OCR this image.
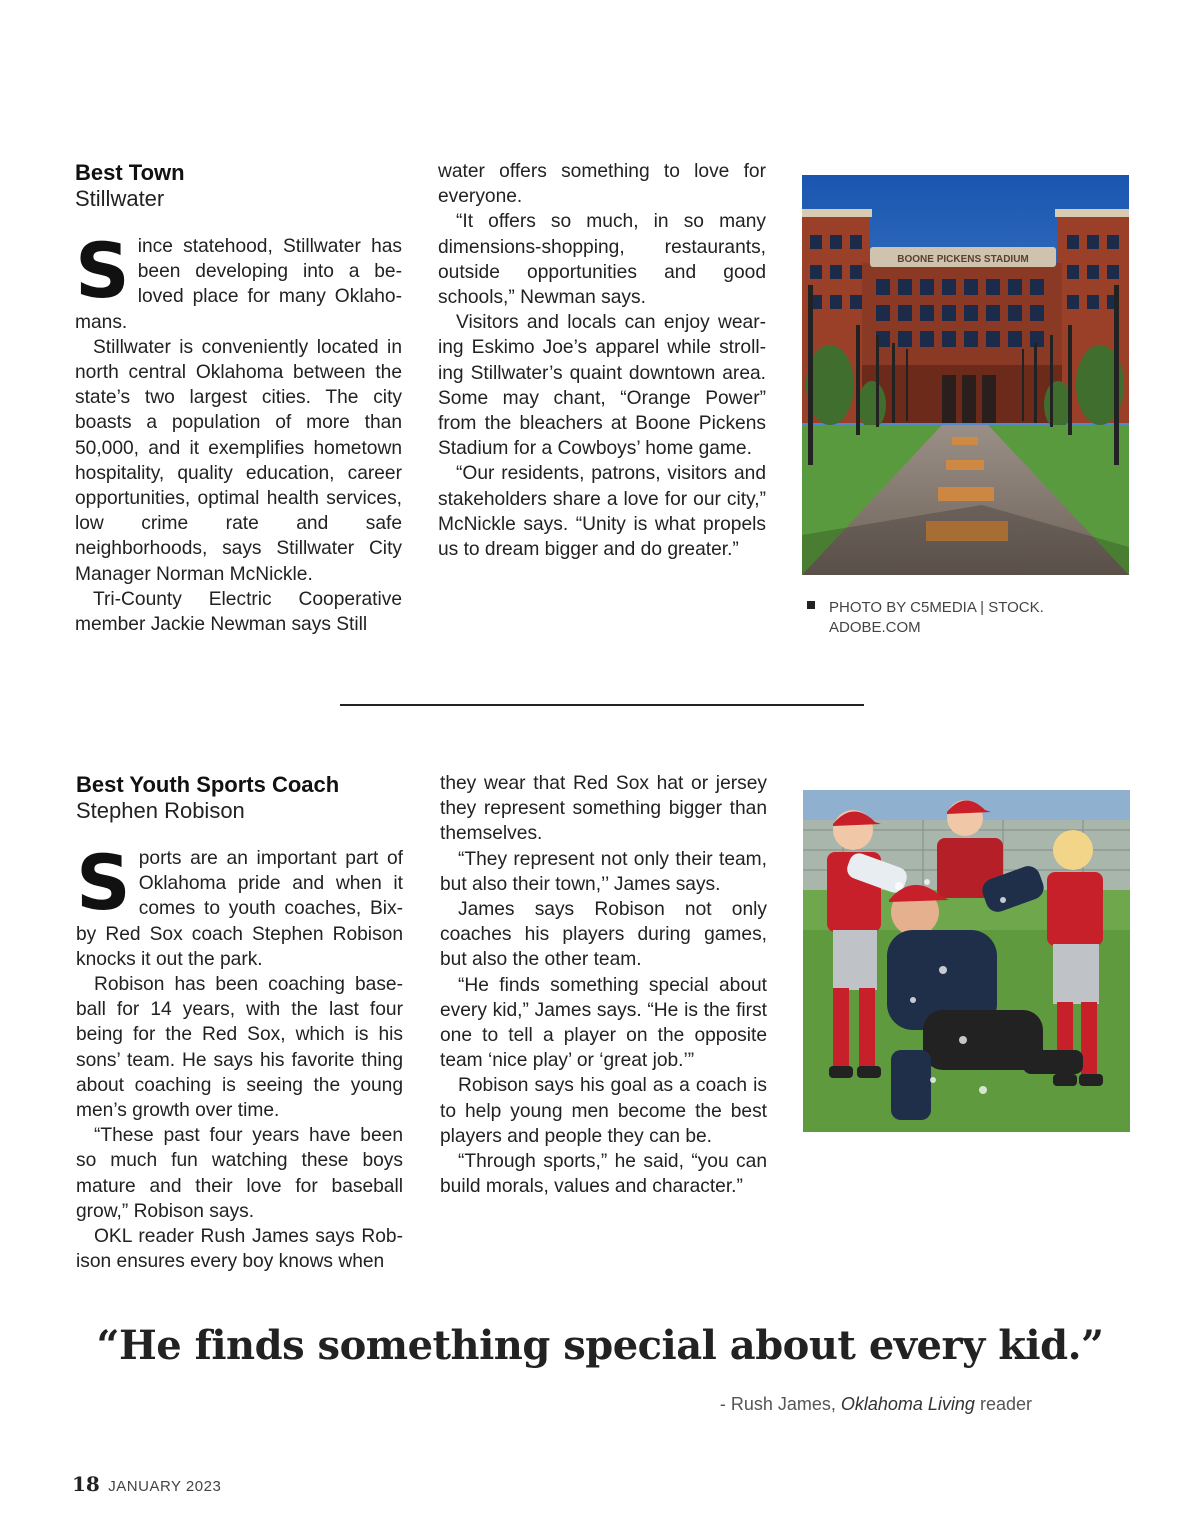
Best Town
Stillwater

Since statehood, Stillwater has been developing into a beloved place for many Oklahomans.

Stillwater is conveniently located in north central Oklahoma between the state’s two largest cities. The city boasts a population of more than 50,000, and it exemplifies hometown hospitality, quality education, career opportunities, optimal health services, low crime rate and safe neighborhoods, says Stillwater City Manager Norman McNickle.

Tri-County Electric Cooperative member Jackie Newman says Still

water offers something to love for everyone.

“It offers so much, in so many dimensions-shopping, restaurants, outside opportunities and good schools,” Newman says.

Visitors and locals can enjoy wearing Eskimo Joe’s apparel while strolling Stillwater’s quaint downtown area. Some may chant, “Orange Power” from the bleachers at Boone Pickens Stadium for a Cowboys’ home game.

“Our residents, patrons, visitors and stakeholders share a love for our city,” McNickle says. “Unity is what propels us to dream bigger and do greater.”

BOONE PICKENS STADIUM
PHOTO BY C5MEDIA | STOCK.
ADOBE.COM
Best Youth Sports Coach
Stephen Robison

Sports are an important part of Oklahoma pride and when it comes to youth coaches, Bixby Red Sox coach Stephen Robison knocks it out the park.

Robison has been coaching baseball for 14 years, with the last four being for the Red Sox, which is his sons’ team. He says his favorite thing about coaching is seeing the young men’s growth over time.

“These past four years have been so much fun watching these boys mature and their love for baseball grow,” Robison says.

OKL reader Rush James says Robison ensures every boy knows when

they wear that Red Sox hat or jersey they represent something bigger than themselves.

“They represent not only their team, but also their town,’’ James says.

James says Robison not only coaches his players during games, but also the other team.

“He finds something special about every kid,” James says. “He is the first one to tell a player on the opposite team ‘nice play’ or ‘great job.’”

Robison says his goal as a coach is to help young men become the best players and people they can be.

“Through sports,” he said, “you can build morals, values and character.”

“He finds something special about every kid.”
- Rush James, Oklahoma Living reader
18 JANUARY 2023
